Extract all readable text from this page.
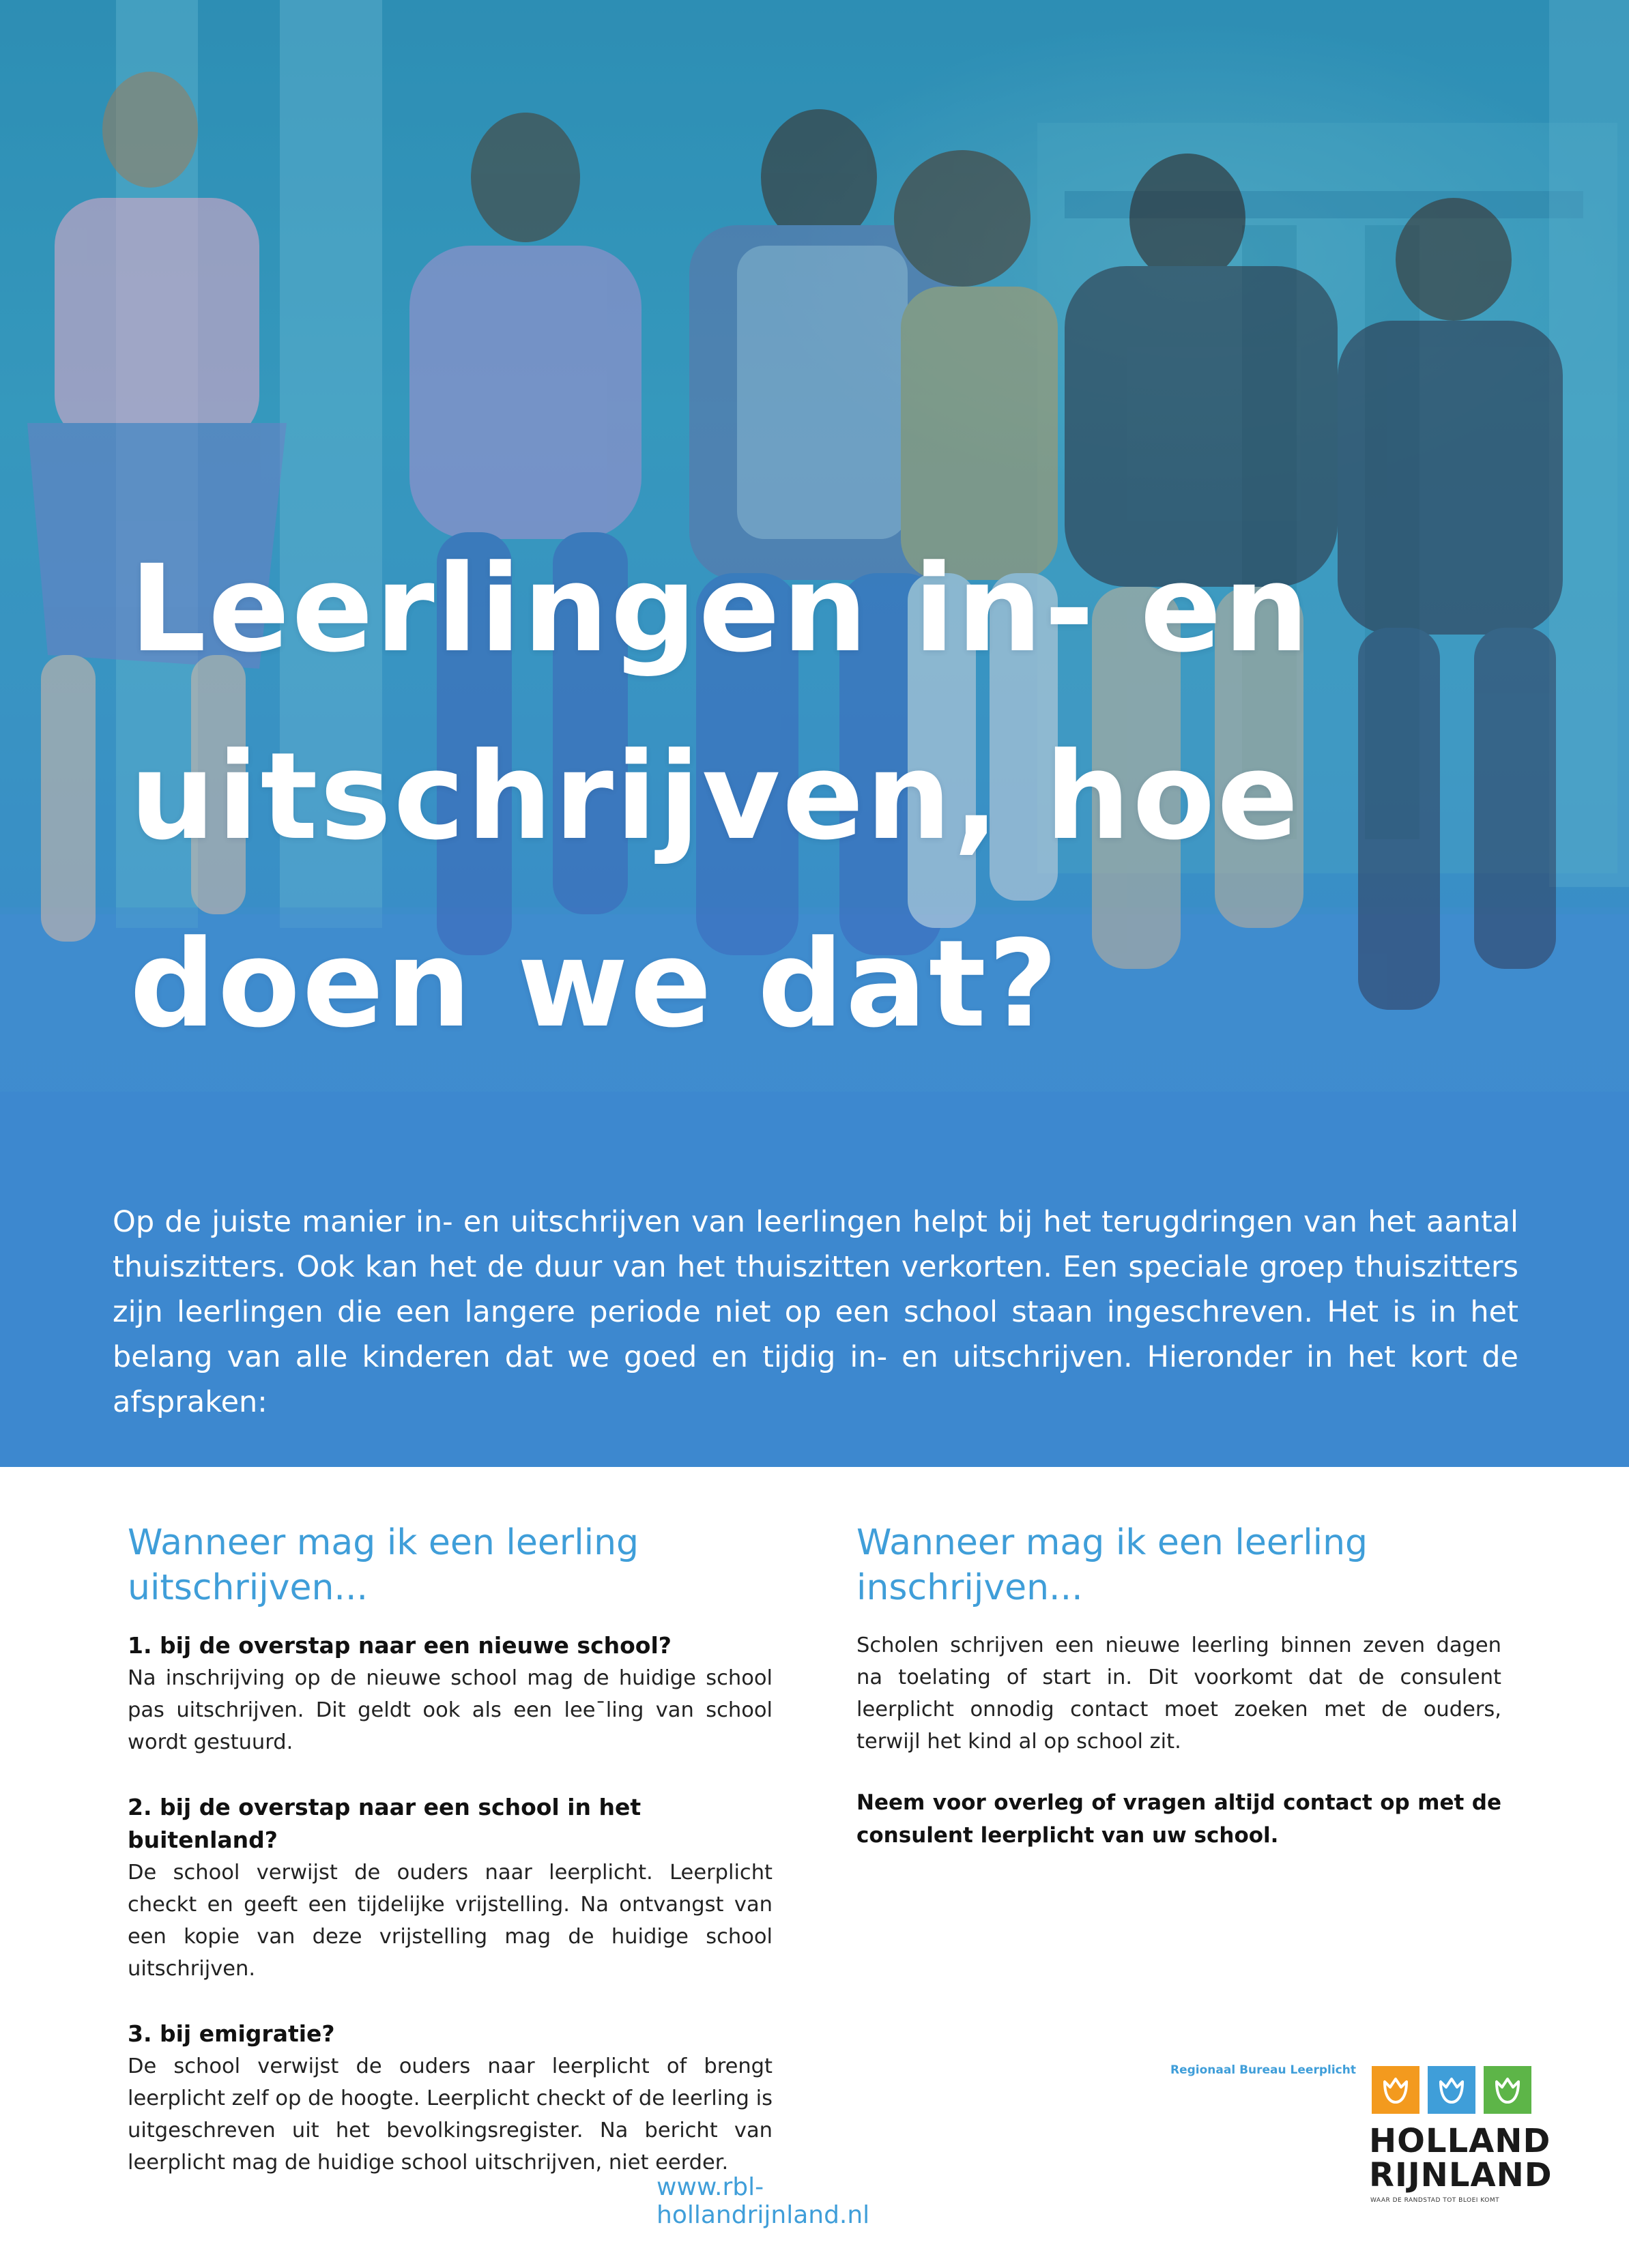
Leerlingen in- en
uitschrijven, hoe
doen we dat?

Op de juiste manier in- en uitschrijven van leerlingen helpt bij het terugdringen van het aantal thuiszitters. Ook kan het de duur van het thuiszitten verkorten. Een speciale groep thuiszitters zijn leerlingen die een langere periode niet op een school staan ingeschreven. Het is in het belang van alle kinderen dat we goed en tijdig in- en uitschrijven. Hieronder in het kort de afspraken:

Wanneer mag ik een leerling
uitschrijven...
1. bij de overstap naar een nieuwe school?

Na inschrijving op de nieuwe school mag de huidige school pas uitschrijven. Dit geldt ook als een leeˉling van school wordt gestuurd.

2. bij de overstap naar een school in het buitenland?

De school verwijst de ouders naar leerplicht. Leerplicht checkt en geeft een tijdelijke vrijstelling. Na ontvangst van een kopie van deze vrijstelling mag de huidige school uitschrijven.

3. bij emigratie?

De school verwijst de ouders naar leerplicht of brengt leerplicht zelf op de hoogte. Leerplicht checkt of de leerling is uitgeschreven uit het bevolkingsregister. Na bericht van leerplicht mag de huidige school uitschrijven, niet eerder.

Wanneer mag ik een leerling
inschrijven...

Scholen schrijven een nieuwe leerling binnen zeven dagen na toelating of start in. Dit voorkomt dat de consulent leerplicht onnodig contact moet zoeken met de ouders, terwijl het kind al op school zit.

Neem voor overleg of vragen altijd contact op met de consulent leerplicht van uw school.

www.rbl-hollandrijnland.nl
Regionaal Bureau Leerplicht
HOLLAND
RIJNLAND
WAAR DE RANDSTAD TOT BLOEI KOMT
